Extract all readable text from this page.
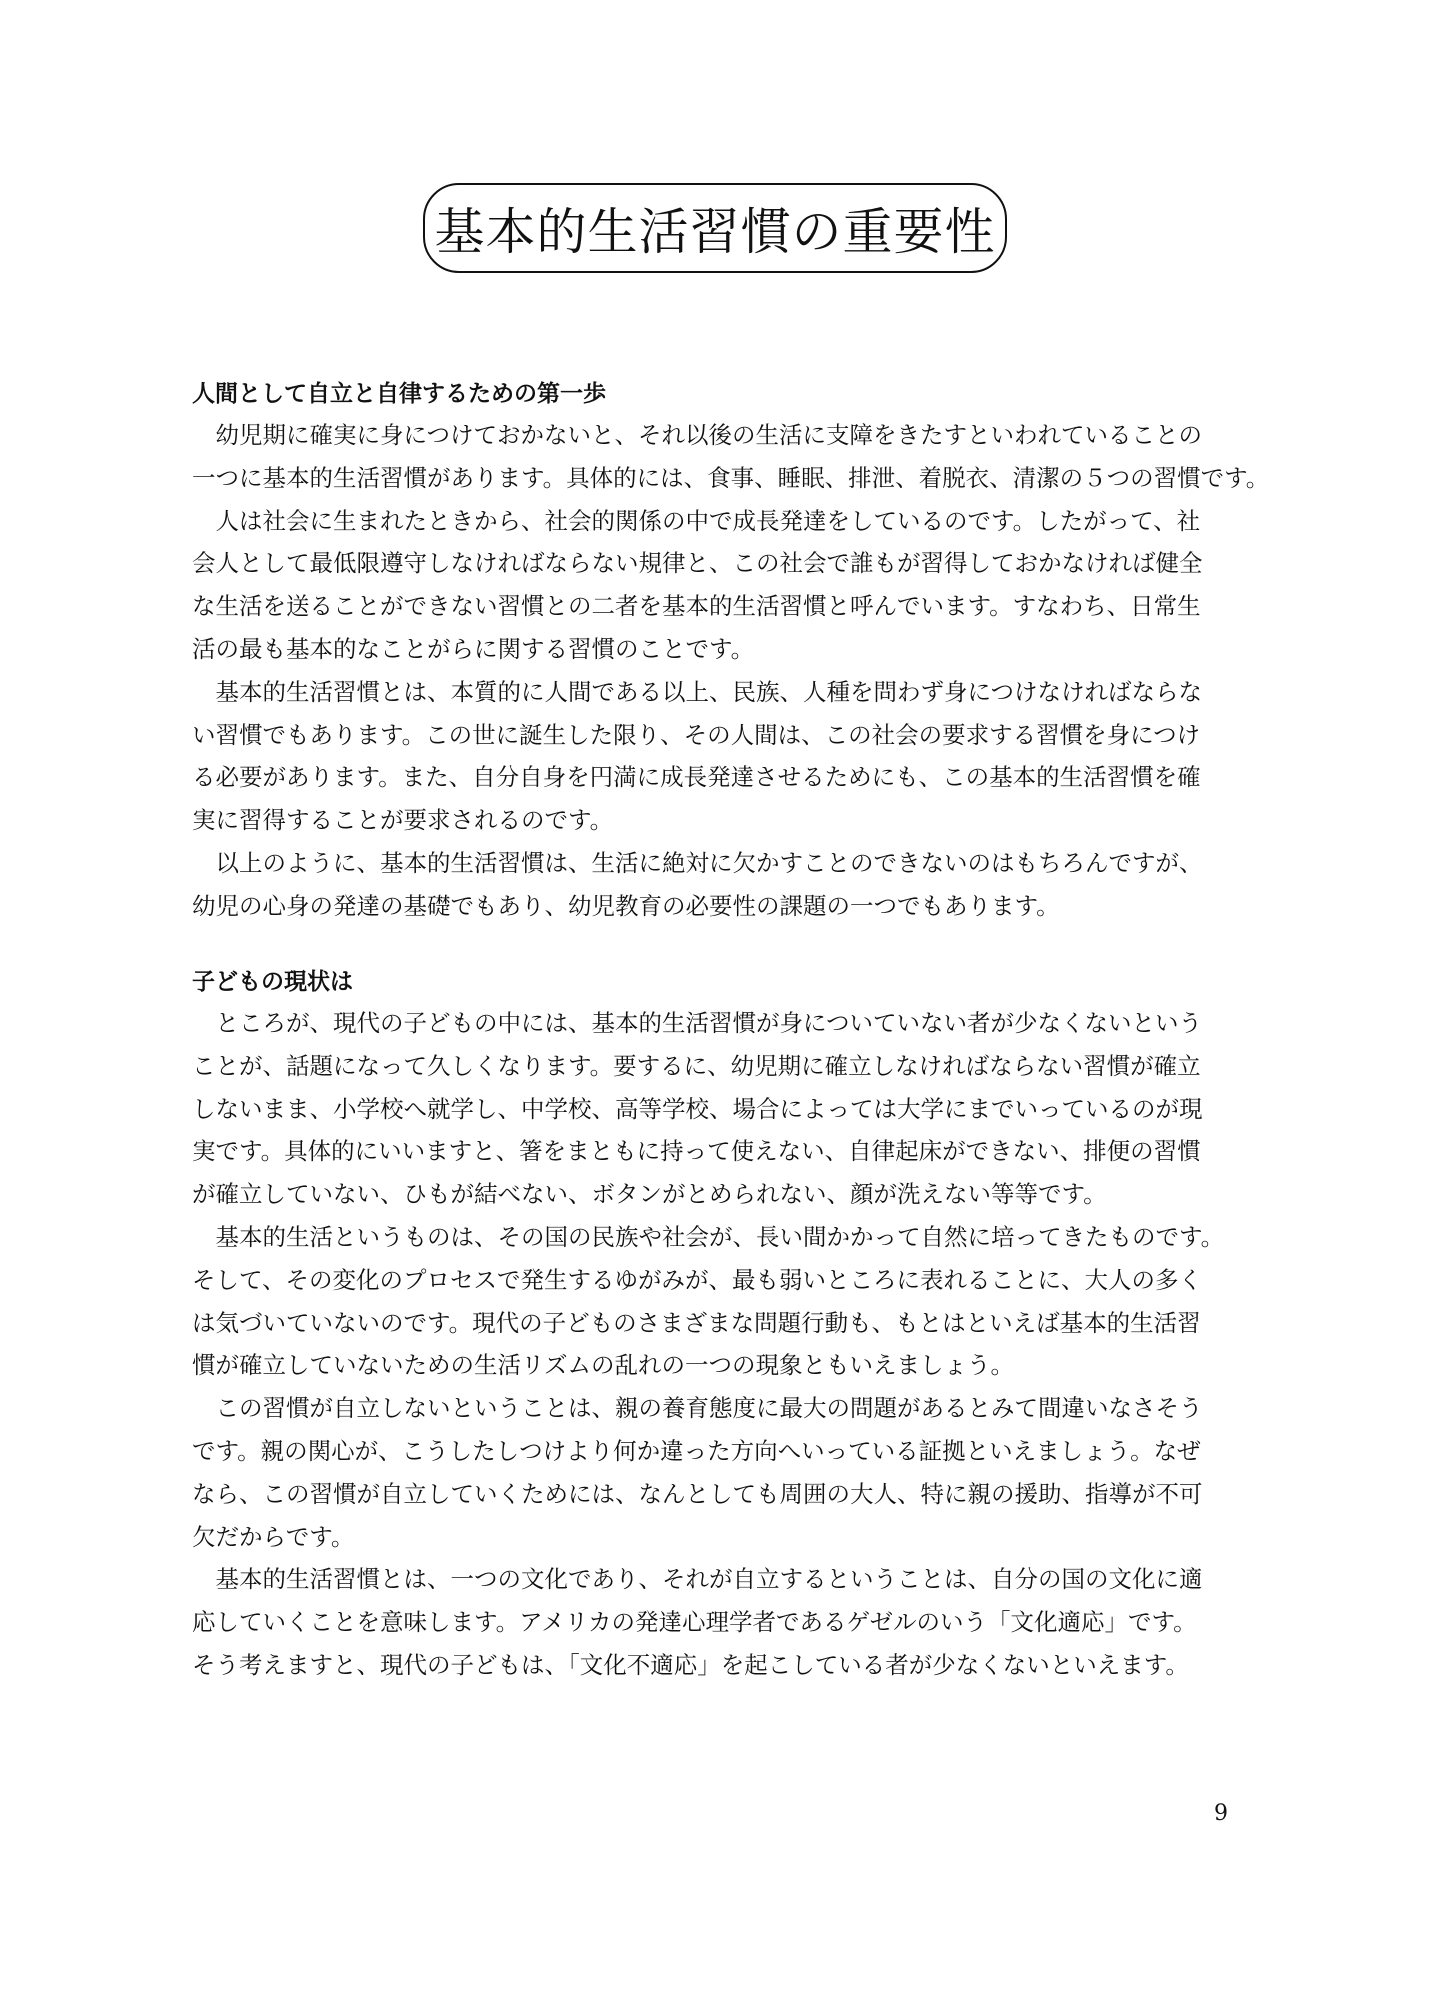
基本的生活習慣の重要性
人間として自立と自律するための第一歩
　幼児期に確実に身につけておかないと、それ以後の生活に支障をきたすといわれていることの
一つに基本的生活習慣があります。具体的には、食事、睡眠、排泄、着脱衣、清潔の５つの習慣です。
　人は社会に生まれたときから、社会的関係の中で成長発達をしているのです。したがって、社
会人として最低限遵守しなければならない規律と、この社会で誰もが習得しておかなければ健全
な生活を送ることができない習慣との二者を基本的生活習慣と呼んでいます。すなわち、日常生
活の最も基本的なことがらに関する習慣のことです。
　基本的生活習慣とは、本質的に人間である以上、民族、人種を問わず身につけなければならな
い習慣でもあります。この世に誕生した限り、その人間は、この社会の要求する習慣を身につけ
る必要があります。また、自分自身を円満に成長発達させるためにも、この基本的生活習慣を確
実に習得することが要求されるのです。
　以上のように、基本的生活習慣は、生活に絶対に欠かすことのできないのはもちろんですが、
幼児の心身の発達の基礎でもあり、幼児教育の必要性の課題の一つでもあります。
子どもの現状は
　ところが、現代の子どもの中には、基本的生活習慣が身についていない者が少なくないという
ことが、話題になって久しくなります。要するに、幼児期に確立しなければならない習慣が確立
しないまま、小学校へ就学し、中学校、高等学校、場合によっては大学にまでいっているのが現
実です。具体的にいいますと、箸をまともに持って使えない、自律起床ができない、排便の習慣
が確立していない、ひもが結べない、ボタンがとめられない、顔が洗えない等等です。
　基本的生活というものは、その国の民族や社会が、長い間かかって自然に培ってきたものです。
そして、その変化のプロセスで発生するゆがみが、最も弱いところに表れることに、大人の多く
は気づいていないのです。現代の子どものさまざまな問題行動も、もとはといえば基本的生活習
慣が確立していないための生活リズムの乱れの一つの現象ともいえましょう。
　この習慣が自立しないということは、親の養育態度に最大の問題があるとみて間違いなさそう
です。親の関心が、こうしたしつけより何か違った方向へいっている証拠といえましょう。なぜ
なら、この習慣が自立していくためには、なんとしても周囲の大人、特に親の援助、指導が不可
欠だからです。
　基本的生活習慣とは、一つの文化であり、それが自立するということは、自分の国の文化に適
応していくことを意味します。アメリカの発達心理学者であるゲゼルのいう「文化適応」です。
そう考えますと、現代の子どもは、「文化不適応」を起こしている者が少なくないといえます。
9
